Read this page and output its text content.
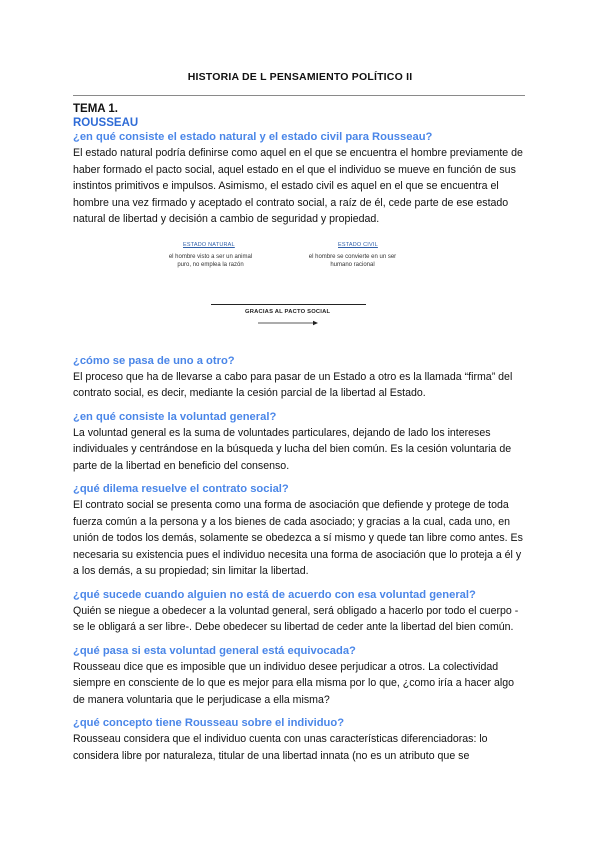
HISTORIA DE L PENSAMIENTO POLÍTICO II

TEMA 1.

ROUSSEAU

¿en qué consiste el estado natural y el estado civil para Rousseau?

El estado natural podría definirse como aquel en el que se encuentra el hombre previamente de haber formado el pacto social, aquel estado en el que el individuo se mueve en función de sus instintos primitivos e impulsos. Asimismo, el estado civil es aquel en el que se encuentra el hombre una vez firmado y aceptado el contrato social, a raíz de él, cede parte de ese estado natural de libertad y decisión a cambio de seguridad y propiedad.

ESTADO NATURAL	ESTADO CIVIL
el hombre visto a ser un animal puro, no emplea la razón
el hombre se convierte en un ser humano racional
GRACIAS AL PACTO SOCIAL

¿cómo se pasa de uno a otro?

El proceso que ha de llevarse a cabo para pasar de un Estado a otro es la llamada “firma” del contrato social, es decir, mediante la cesión parcial de la libertad al Estado.

¿en qué consiste la voluntad general?

La voluntad general es la suma de voluntades particulares, dejando de lado los intereses individuales y centrándose en la búsqueda y lucha del bien común. Es la cesión voluntaria de parte de la libertad en beneficio del consenso.

¿qué dilema resuelve el contrato social?

El contrato social se presenta como una forma de asociación que defiende y protege de toda fuerza común a la persona y a los bienes de cada asociado; y gracias a la cual, cada uno, en unión de todos los demás, solamente se obedezca a sí mismo y quede tan libre como antes. Es necesaria su existencia pues el individuo necesita una forma de asociación que lo proteja a él y a los demás, a su propiedad; sin limitar la libertad.

¿qué sucede cuando alguien no está de acuerdo con esa voluntad general?

Quién se niegue a obedecer a la voluntad general, será obligado a hacerlo por todo el cuerpo -se le obligará a ser libre-. Debe obedecer su libertad de ceder ante la libertad del bien común.

¿qué pasa si esta voluntad general está equivocada?

Rousseau dice que es imposible que un individuo desee perjudicar a otros. La colectividad siempre en consciente de lo que es mejor para ella misma por lo que, ¿como iría a hacer algo de manera voluntaria que le perjudicase a ella misma?

¿qué concepto tiene Rousseau sobre el individuo?

Rousseau considera que el individuo cuenta con unas características diferenciadoras: lo considera libre por naturaleza, titular de una libertad innata (no es un atributo que se
